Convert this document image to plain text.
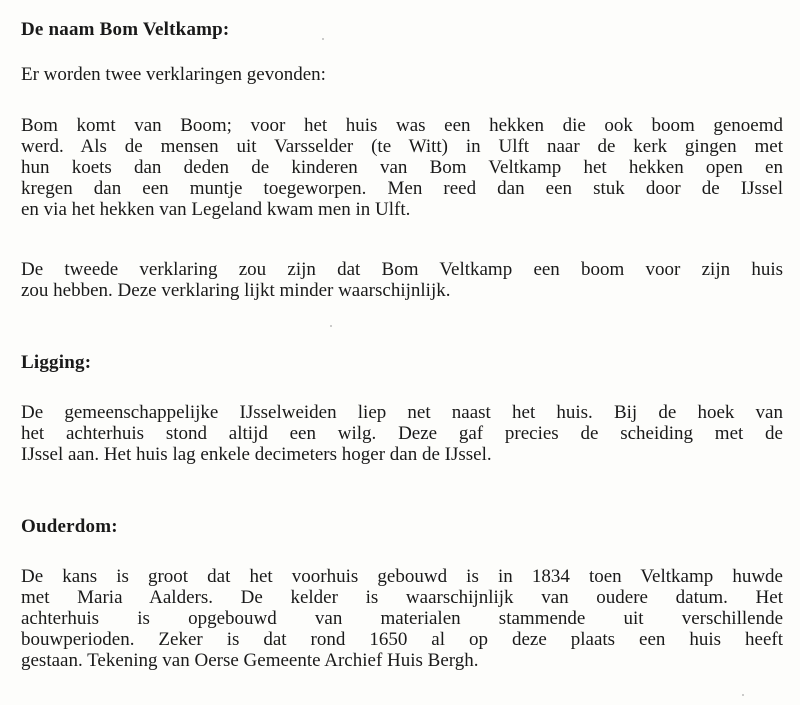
De naam Bom Veltkamp:

Er worden twee verklaringen gevonden:

Bom komt van Boom; voor het huis was een hekken die ook boom genoemd
werd. Als de mensen uit Varsselder (te Witt) in Ulft naar de kerk gingen met
hun koets dan deden de kinderen van Bom Veltkamp het hekken open en
kregen dan een muntje toegeworpen. Men reed dan een stuk door de IJssel
en via het hekken van Legeland kwam men in Ulft.

De tweede verklaring zou zijn dat Bom Veltkamp een boom voor zijn huis
zou hebben. Deze verklaring lijkt minder waarschijnlijk.

Ligging:

De gemeenschappelijke IJsselweiden liep net naast het huis. Bij de hoek van
het achterhuis stond altijd een wilg. Deze gaf precies de scheiding met de
IJssel aan. Het huis lag enkele decimeters hoger dan de IJssel.

Ouderdom:

De kans is groot dat het voorhuis gebouwd is in 1834 toen Veltkamp huwde
met Maria Aalders. De kelder is waarschijnlijk van oudere datum. Het
achterhuis is opgebouwd van materialen stammende uit verschillende
bouwperioden. Zeker is dat rond 1650 al op deze plaats een huis heeft
gestaan. Tekening van Oerse Gemeente Archief Huis Bergh.
